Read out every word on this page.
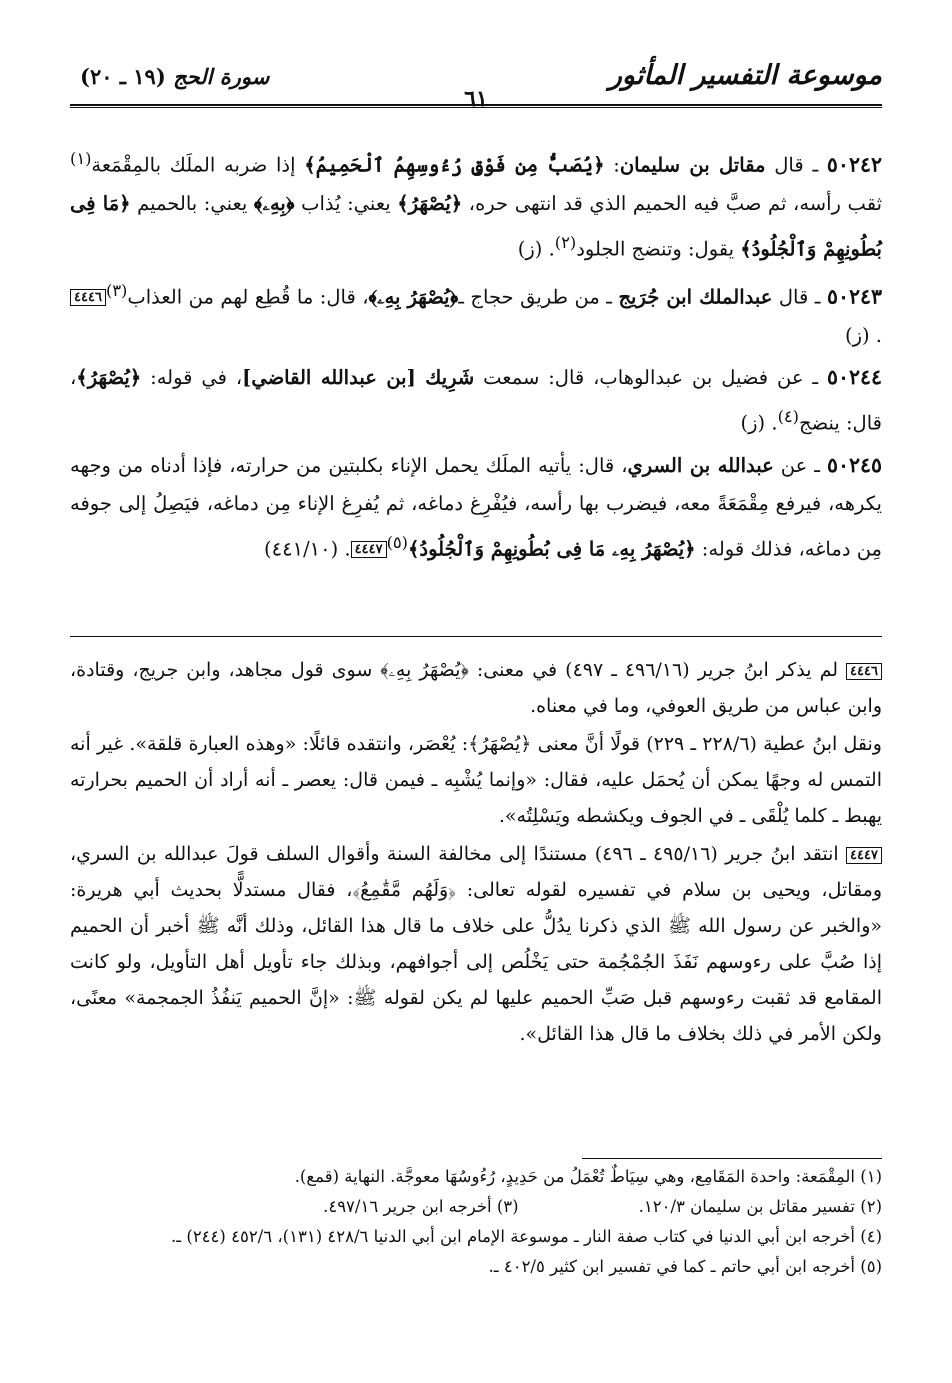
موسوعة التفسير المأثور
٦١
سورة الحج (١٩ ـ ٢٠)

٥٠٢٤٢ ـ قال مقاتل بن سليمان: ﴿يُصَبُّ مِن فَوْقِ رُءُوسِهِمُ ٱلْحَمِيمُ﴾ إذا ضربه الملَك بالمِقْمَعة$^{(١)}$ ثقب رأسه، ثم صبَّ فيه الحميم الذي قد انتهى حره، ﴿يُصْهَرُ﴾ يعني: يُذاب ﴿بِهِۦ﴾ يعني: بالحميم ﴿مَا فِى بُطُونِهِمْ وَٱلْجُلُودُ﴾ يقول: وتنضج الجلود$^{(٢)}$. (ز)

٥٠٢٤٣ ـ قال عبدالملك ابن جُرَيج ـ من طريق حجاج ـ﴿يُصْهَرُ بِهِۦ﴾، قال: ما قُطِع لهم من العذاب$^{(٣)}$٤٤٤٦. (ز)

٥٠٢٤٤ ـ عن فضيل بن عبدالوهاب، قال: سمعت شَرِيك [بن عبدالله القاضي]، في قوله: ﴿يُصْهَرُ﴾، قال: ينضج$^{(٤)}$. (ز)

٥٠٢٤٥ ـ عن عبدالله بن السري، قال: يأتيه الملَك يحمل الإناء بكلبتين من حرارته، فإذا أدناه من وجهه يكرهه، فيرفع مِقْمَعَةً معه، فيضرب بها رأسه، فيُفْرِغ دماغه، ثم يُفرِغ الإناء مِن دماغه، فيَصِلُ إلى جوفه مِن دماغه، فذلك قوله: ﴿يُصْهَرُ بِهِۦ مَا فِى بُطُونِهِمْ وَٱلْجُلُودُ﴾$^{(٥)}$٤٤٤٧. (٤٤١/١٠)

٤٤٤٦ لم يذكر ابنُ جرير (٤٩٦/١٦ ـ ٤٩٧) في معنى: ﴿يُصْهَرُ بِهِۦ﴾ سوى قول مجاهد، وابن جريج، وقتادة، وابن عباس من طريق العوفي، وما في معناه.

ونقل ابنُ عطية (٢٢٨/٦ ـ ٢٢٩) قولًا أنَّ معنى ﴿يُصْهَرُ﴾: يُعْصَر، وانتقده قائلًا: «وهذه العبارة قلقة». غير أنه التمس له وجهًا يمكن أن يُحمَل عليه، فقال: «وإنما يُشْبِه ـ فيمن قال: يعصر ـ أنه أراد أن الحميم بحرارته يهبط ـ كلما يُلْقَى ـ في الجوف ويكشطه ويَسْلِتُه».

٤٤٤٧ انتقد ابنُ جرير (٤٩٥/١٦ ـ ٤٩٦) مستندًا إلى مخالفة السنة وأقوال السلف قولَ عبدالله بن السري، ومقاتل، ويحيى بن سلام في تفسيره لقوله تعالى: ﴿وَلَهُم مَّقَٰمِعُ﴾، فقال مستدلًّا بحديث أبي هريرة: «والخبر عن رسول الله ﷺ الذي ذكرنا يدُلُّ على خلاف ما قال هذا القائل، وذلك أنَّه ﷺ أخبر أن الحميم إذا صُبَّ على رءوسهم نَفَذَ الجُمْجُمة حتى يَخْلُص إلى أجوافهم، وبذلك جاء تأويل أهل التأويل، ولو كانت المقامع قد ثقبت رءوسهم قبل صَبِّ الحميم عليها لم يكن لقوله ﷺ: «إنَّ الحميم يَنفُذُ الجمجمة» معنًى، ولكن الأمر في ذلك بخلاف ما قال هذا القائل».

(١) المِقْمَعة: واحدة المَقَامِع، وهي سِيَاطٌ تُعْمَلُ من حَدِيدٍ، رُءُوسُهَا معوجَّة. النهاية (قمع).

(٢) تفسير مقاتل بن سليمان ١٢٠/٣.

(٣) أخرجه ابن جرير ٤٩٧/١٦.

(٤) أخرجه ابن أبي الدنيا في كتاب صفة النار ـ موسوعة الإمام ابن أبي الدنيا ٤٢٨/٦ (١٣١)، ٤٥٢/٦ (٢٤٤) ـ.

(٥) أخرجه ابن أبي حاتم ـ كما في تفسير ابن كثير ٤٠٢/٥ ـ.
